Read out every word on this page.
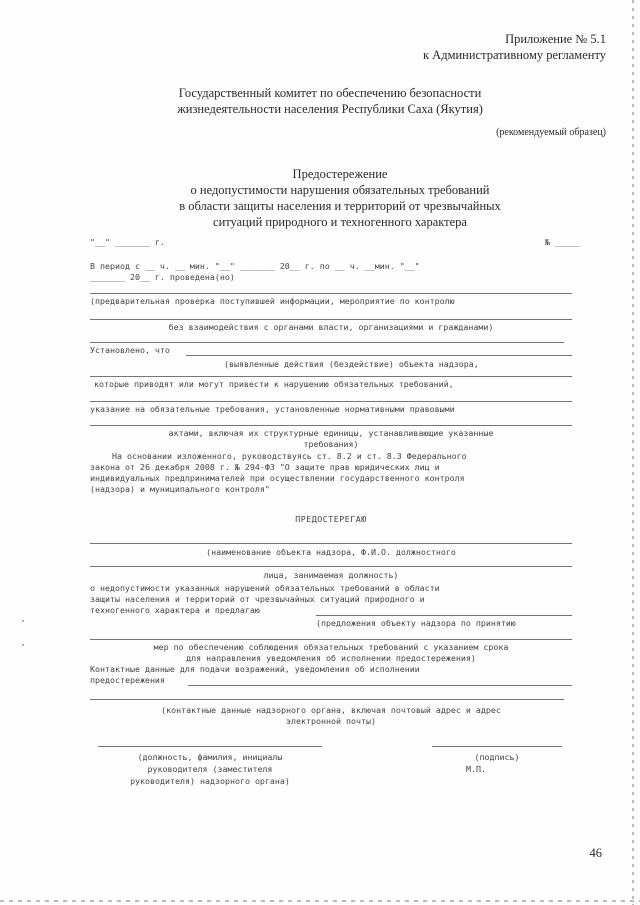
Приложение № 5.1
к Административному регламенту
Государственный комитет по обеспечению безопасности
жизнедеятельности населения Республики Саха (Якутия)
(рекомендуемый образец)
Предостережение
о недопустимости нарушения обязательных требований
в области защиты населения и территорий от чрезвычайных
ситуаций природного и техногенного характера
"__" _______ г.	№ _____
В период с __ ч. __ мин. "__" _______ 20__ г. по __ ч. __мин. "__"
_______ 20__ г. проведена(но)
(предварительная проверка поступившей информации, мероприятие по контролю
без взаимодействия с органами власти, организациями и гражданами)
Установлено, что
(выявленные действия (бездействие) объекта надзора,
которые приводят или могут привести к нарушению обязательных требований,
указание на обязательные требования, установленные нормативными правовыми
актами, включая их структурные единицы, устанавливающие указанные
требования)
На основании изложенного, руководствуясь ст. 8.2 и ст. 8.3 Федерального
закона от 26 декабря 2008 г. № 294-ФЗ "О защите прав юридических лиц и
индивидуальных предпринимателей при осуществлении государственного контроля
(надзора) и муниципального контроля"
ПРЕДОСТЕРЕГАЮ
(наименование объекта надзора, Ф.И.О. должностного
лица, занимаемая должность)
о недопустимости указанных нарушений обязательных требований в области
защиты населения и территорий от чрезвычайных ситуаций природного и
техногенного характера и предлагаю
(предложения объекту надзора по принятию
мер по обеспечению соблюдения обязательных требований с указанием срока
для направления уведомления об исполнении предостережения)
Контактные данные для подачи возражений, уведомления об исполнении
предостережения
(контактные данные надзорного органа, включая почтовый адрес и адрес
электронной почты)
(должность, фамилия, инициалы
руководителя (заместителя
руководителя) надзорного органа)
(подпись)
М.П.
46
